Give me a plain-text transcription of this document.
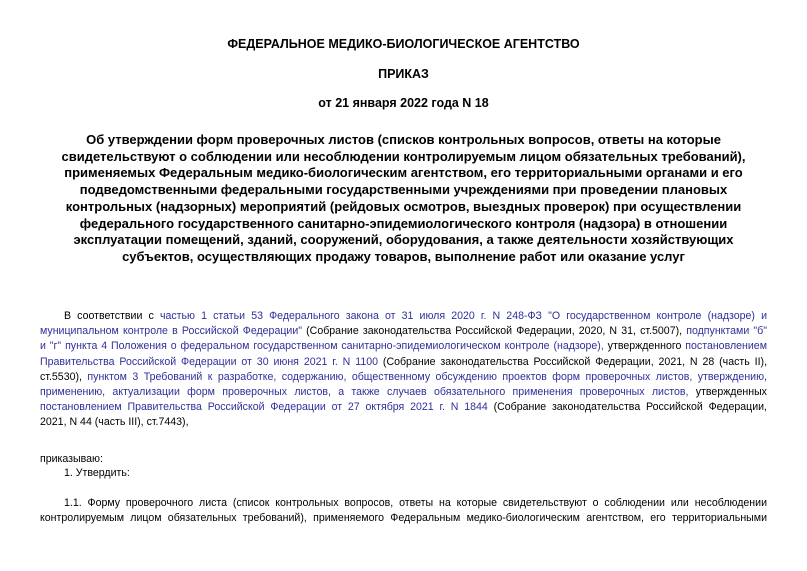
ФЕДЕРАЛЬНОЕ МЕДИКО-БИОЛОГИЧЕСКОЕ АГЕНТСТВО
ПРИКАЗ
от 21 января 2022 года N 18
Об утверждении форм проверочных листов (списков контрольных вопросов, ответы на которые
свидетельствуют о соблюдении или несоблюдении контролируемым лицом обязательных требований),
применяемых Федеральным медико-биологическим агентством, его территориальными органами и его
подведомственными федеральными государственными учреждениями при проведении плановых
контрольных (надзорных) мероприятий (рейдовых осмотров, выездных проверок) при осуществлении
федерального государственного санитарно-эпидемиологического контроля (надзора) в отношении
эксплуатации помещений, зданий, сооружений, оборудования, а также деятельности хозяйствующих
субъектов, осуществляющих продажу товаров, выполнение работ или оказание услуг
В соответствии с частью 1 статьи 53 Федерального закона от 31 июля 2020 г. N 248-ФЗ "О государственном контроле (надзоре) и
муниципальном контроле в Российской Федерации" (Собрание законодательства Российской Федерации, 2020, N 31, ст.5007), подпунктами "б"
и "г" пункта 4 Положения о федеральном государственном санитарно-эпидемиологическом контроле (надзоре), утвержденного постановлением
Правительства Российской Федерации от 30 июня 2021 г. N 1100 (Собрание законодательства Российской Федерации, 2021, N 28 (часть II),
ст.5530), пунктом 3 Требований к разработке, содержанию, общественному обсуждению проектов форм проверочных листов, утверждению,
применению, актуализации форм проверочных листов, а также случаев обязательного применения проверочных листов, утвержденных
постановлением Правительства Российской Федерации от 27 октября 2021 г. N 1844 (Собрание законодательства Российской Федерации,
2021, N 44 (часть III), ст.7443),
приказываю:
1. Утвердить:
1.1. Форму проверочного листа (список контрольных вопросов, ответы на которые свидетельствуют о соблюдении или несоблюдении
контролируемым лицом обязательных требований), применяемого Федеральным медико-биологическим агентством, его территориальными
